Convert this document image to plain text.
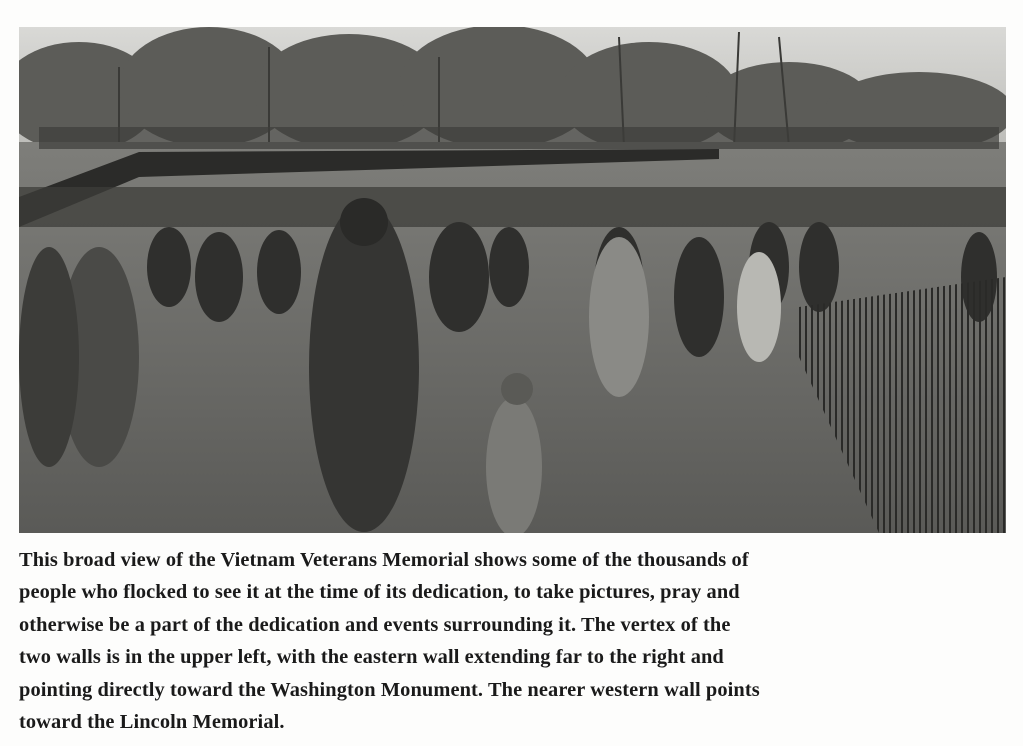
This broad view of the Vietnam Veterans Memorial shows some of the thousands of
people who flocked to see it at the time of its dedication, to take pictures, pray and
otherwise be a part of the dedication and events surrounding it. The vertex of the
two walls is in the upper left, with the eastern wall extending far to the right and
pointing directly toward the Washington Monument. The nearer western wall points
toward the Lincoln Memorial.
